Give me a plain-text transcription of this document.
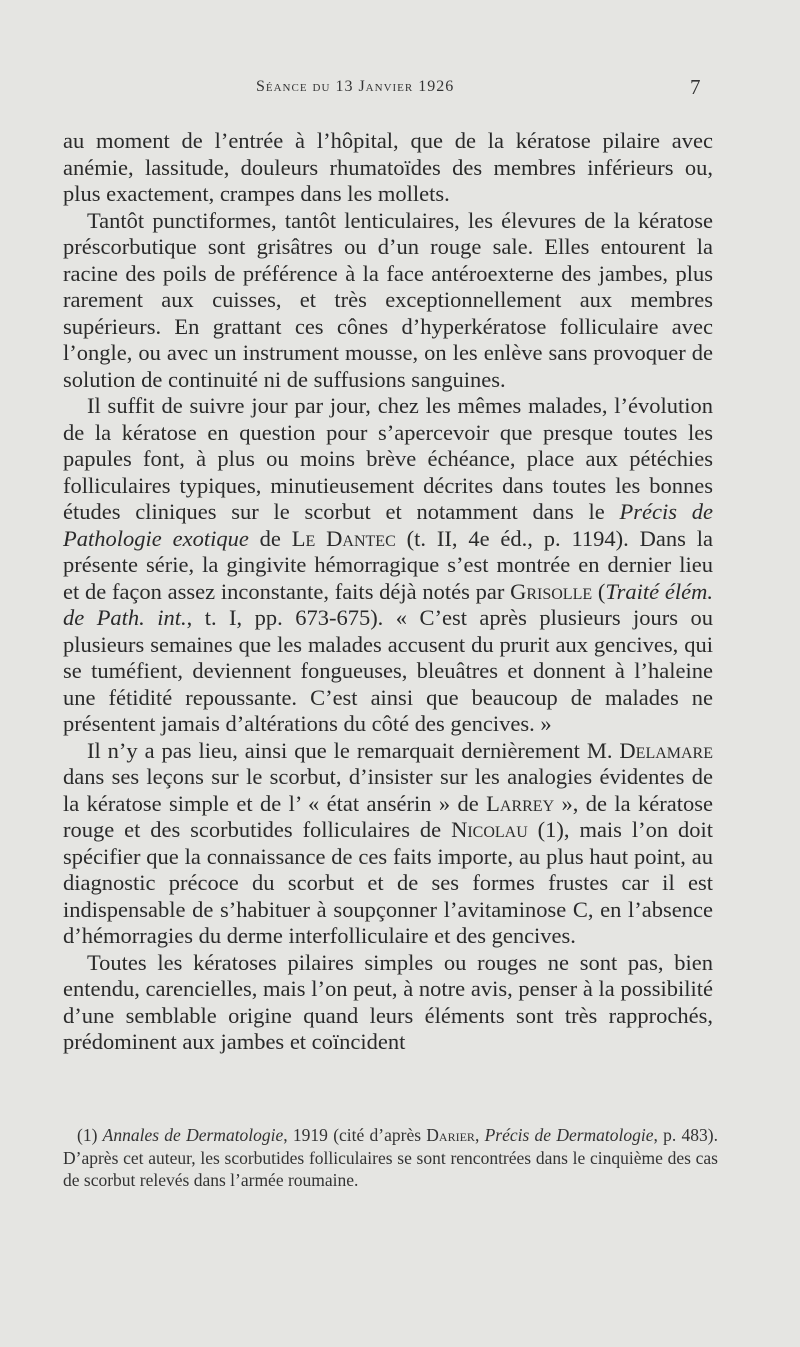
Séance du 13 Janvier 1926	7

au moment de l’entrée à l’hôpital, que de la kératose pilaire avec anémie, lassitude, douleurs rhumatoïdes des membres inférieurs ou, plus exactement, crampes dans les mollets.

Tantôt punctiformes, tantôt lenticulaires, les élevures de la kératose préscorbutique sont grisâtres ou d’un rouge sale. Elles entourent la racine des poils de préférence à la face antéroexterne des jambes, plus rarement aux cuisses, et très exceptionnellement aux membres supérieurs. En grattant ces cônes d’hyperkératose folliculaire avec l’ongle, ou avec un instrument mousse, on les enlève sans provoquer de solution de continuité ni de suffusions sanguines.

Il suffit de suivre jour par jour, chez les mêmes malades, l’évolution de la kératose en question pour s’apercevoir que presque toutes les papules font, à plus ou moins brève échéance, place aux pétéchies folliculaires typiques, minutieusement décrites dans toutes les bonnes études cliniques sur le scorbut et notamment dans le Précis de Pathologie exotique de Le Dantec (t. II, 4e éd., p. 1194). Dans la présente série, la gingivite hémorragique s’est montrée en dernier lieu et de façon assez inconstante, faits déjà notés par Grisolle (Traité élém. de Path. int., t. I, pp. 673-675). « C’est après plusieurs jours ou plusieurs semaines que les malades accusent du prurit aux gencives, qui se tuméfient, deviennent fongueuses, bleuâtres et donnent à l’haleine une fétidité repoussante. C’est ainsi que beaucoup de malades ne présentent jamais d’altérations du côté des gencives. »

Il n’y a pas lieu, ainsi que le remarquait dernièrement M. Delamare dans ses leçons sur le scorbut, d’insister sur les analogies évidentes de la kératose simple et de l’ « état ansérin » de Larrey », de la kératose rouge et des scorbutides folliculaires de Nicolau (1), mais l’on doit spécifier que la connaissance de ces faits importe, au plus haut point, au diagnostic précoce du scorbut et de ses formes frustes car il est indispensable de s’habituer à soupçonner l’avitaminose C, en l’absence d’hémorragies du derme interfolliculaire et des gencives.

Toutes les kératoses pilaires simples ou rouges ne sont pas, bien entendu, carencielles, mais l’on peut, à notre avis, penser à la possibilité d’une semblable origine quand leurs éléments sont très rapprochés, prédominent aux jambes et coïncident

(1) Annales de Dermatologie, 1919 (cité d’après Darier, Précis de Dermatologie, p. 483). D’après cet auteur, les scorbutides folliculaires se sont rencontrées dans le cinquième des cas de scorbut relevés dans l’armée roumaine.
